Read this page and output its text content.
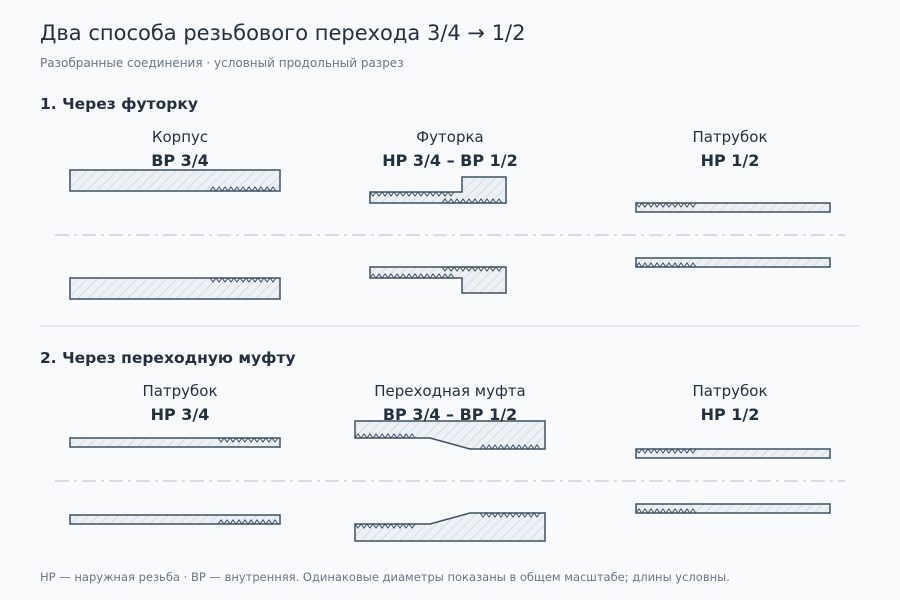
Два способа резьбового перехода 3/4 → 1/2
Разобранные соединения · условный продольный разрез
1. Через футорку
Корпус
ВР 3/4
Футорка
НР 3/4 – ВР 1/2
Патрубок
НР 1/2
2. Через переходную муфту
Патрубок
НР 3/4
Переходная муфта	Патрубок
НР 1/2
ВР 3/4 – ВР 1/2
НР — наружная резьба · ВР — внутренняя. Одинаковые диаметры показаны в общем масштабе; длины условны.
